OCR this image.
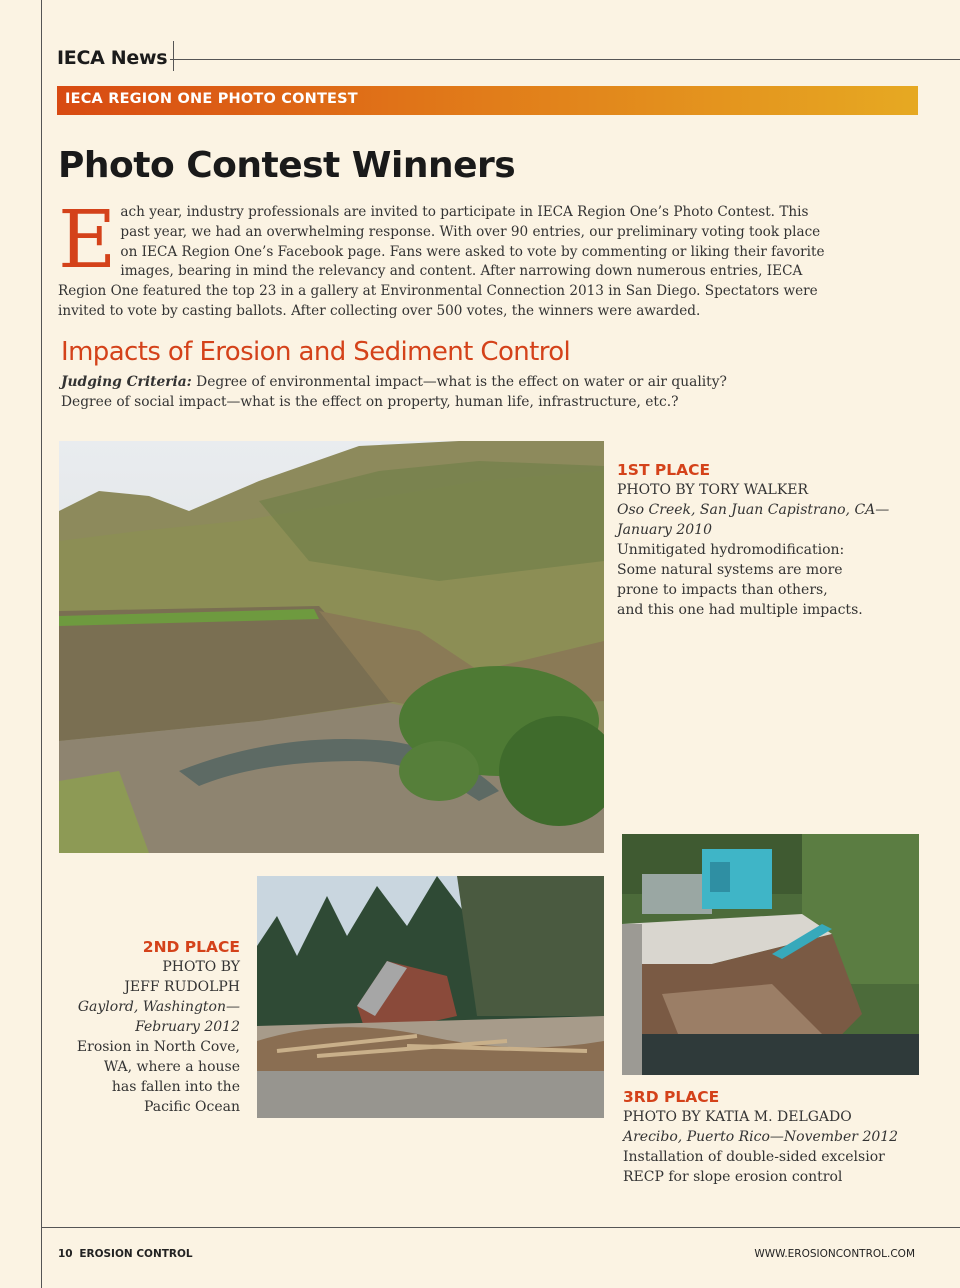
IECA News
IECA REGION ONE PHOTO CONTEST
Photo Contest Winners

Each year, industry professionals are invited to participate in IECA Region One’s Photo Contest. This past year, we had an overwhelming response. With over 90 entries, our preliminary voting took place on IECA Region One’s Facebook page. Fans were asked to vote by commenting or liking their favorite images, bearing in mind the relevancy and content. After narrowing down numerous entries, IECA Region One featured the top 23 in a gallery at Environmental Connection 2013 in San Diego. Spectators were invited to vote by casting ballots. After collecting over 500 votes, the winners were awarded.

Impacts of Erosion and Sediment Control
Judging Criteria: Degree of environmental impact—what is the effect on water or air quality?
Degree of social impact—what is the effect on property, human life, infrastructure, etc.?
1ST PLACE
PHOTO BY TORY WALKER
Oso Creek, San Juan Capistrano, CA—
January 2010
Unmitigated hydromodification:
Some natural systems are more
prone to impacts than others,
and this one had multiple impacts.
2ND PLACE
PHOTO BY
JEFF RUDOLPH
Gaylord, Washington—
February 2012
Erosion in North Cove,
WA, where a house
has fallen into the
Pacific Ocean
3RD PLACE
PHOTO BY KATIA M. DELGADO
Arecibo, Puerto Rico—November 2012
Installation of double-sided excelsior
RECP for slope erosion control
10 EROSION CONTROL	WWW.EROSIONCONTROL.COM
